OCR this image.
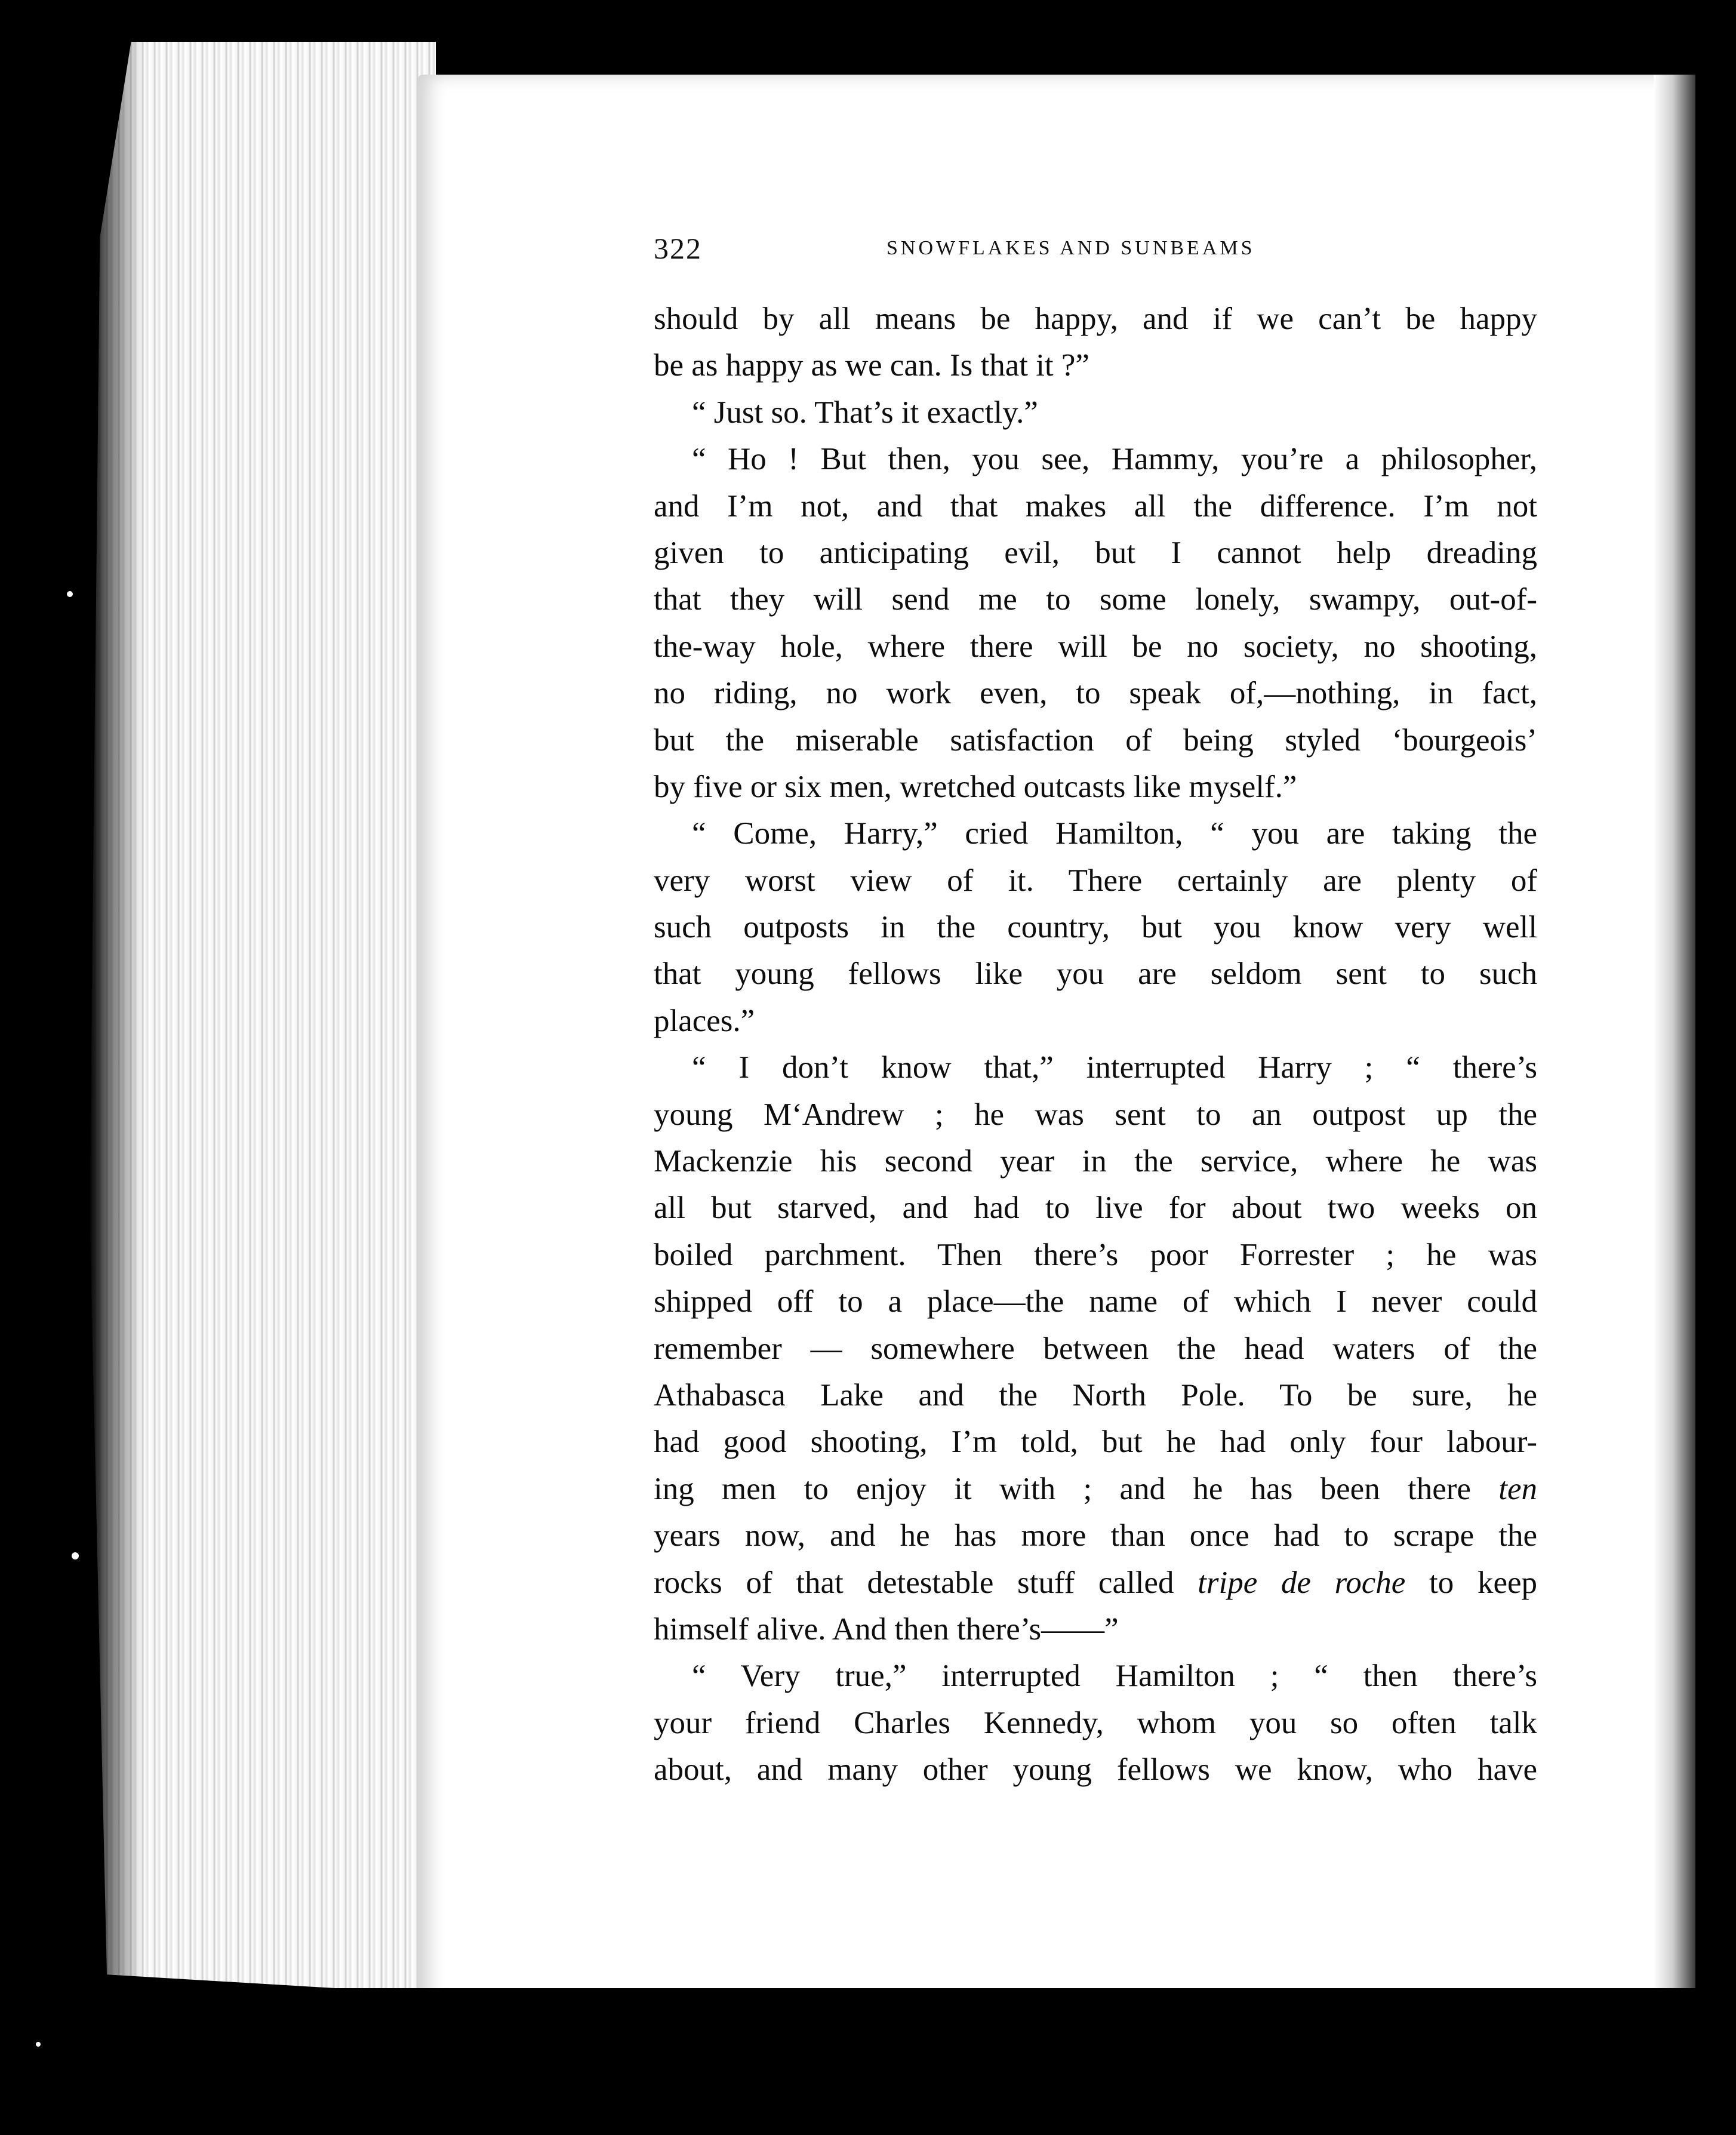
322	SNOWFLAKES AND SUNBEAMS
should by all means be happy, and if we can’t be happy
be as happy as we can. Is that it ?”
“ Just so. That’s it exactly.”
“ Ho ! But then, you see, Hammy, you’re a philosopher,
and I’m not, and that makes all the difference. I’m not
given to anticipating evil, but I cannot help dreading
that they will send me to some lonely, swampy, out-of-
the-way hole, where there will be no society, no shooting,
no riding, no work even, to speak of,—nothing, in fact,
but the miserable satisfaction of being styled ‘bourgeois’
by five or six men, wretched outcasts like myself.”
“ Come, Harry,” cried Hamilton, “ you are taking the
very worst view of it. There certainly are plenty of
such outposts in the country, but you know very well
that young fellows like you are seldom sent to such
places.”
“ I don’t know that,” interrupted Harry ; “ there’s
young M‘Andrew ; he was sent to an outpost up the
Mackenzie his second year in the service, where he was
all but starved, and had to live for about two weeks on
boiled parchment. Then there’s poor Forrester ; he was
shipped off to a place—the name of which I never could
remember — somewhere between the head waters of the
Athabasca Lake and the North Pole. To be sure, he
had good shooting, I’m told, but he had only four labour-
ing men to enjoy it with ; and he has been there ten
years now, and he has more than once had to scrape the
rocks of that detestable stuff called tripe de roche to keep
himself alive. And then there’s——”
“ Very true,” interrupted Hamilton ; “ then there’s
your friend Charles Kennedy, whom you so often talk
about, and many other young fellows we know, who have
